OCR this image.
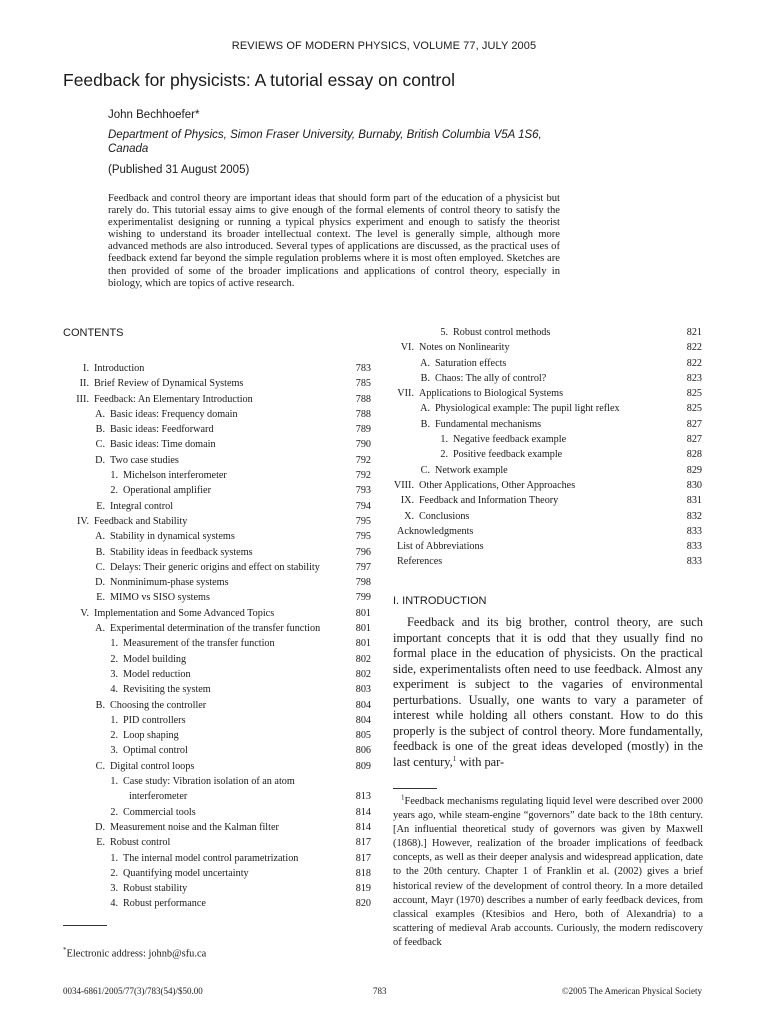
REVIEWS OF MODERN PHYSICS, VOLUME 77, JULY 2005
Feedback for physicists: A tutorial essay on control
John Bechhoefer*
Department of Physics, Simon Fraser University, Burnaby, British Columbia V5A 1S6, Canada
(Published 31 August 2005)

Feedback and control theory are important ideas that should form part of the education of a physicist but rarely do. This tutorial essay aims to give enough of the formal elements of control theory to satisfy the experimentalist designing or running a typical physics experiment and enough to satisfy the theorist wishing to understand its broader intellectual context. The level is generally simple, although more advanced methods are also introduced. Several types of applications are discussed, as the practical uses of feedback extend far beyond the simple regulation problems where it is most often employed. Sketches are then provided of some of the broader implications and applications of control theory, especially in biology, which are topics of active research.

CONTENTS
I. Introduction	783
II. Brief Review of Dynamical Systems	785
III. Feedback: An Elementary Introduction	788
A. Basic ideas: Frequency domain	788
B. Basic ideas: Feedforward	789
C. Basic ideas: Time domain	790
D. Two case studies	792
1. Michelson interferometer	792
2. Operational amplifier	793
E. Integral control	794
IV. Feedback and Stability	795
A. Stability in dynamical systems	795
B. Stability ideas in feedback systems	796
C. Delays: Their generic origins and effect on stability	797
D. Nonminimum-phase systems	798
E. MIMO vs SISO systems	799
V. Implementation and Some Advanced Topics	801
A. Experimental determination of the transfer function	801
1. Measurement of the transfer function	801
2. Model building	802
3. Model reduction	802
4. Revisiting the system	803
B. Choosing the controller	804
1. PID controllers	804
2. Loop shaping	805
3. Optimal control	806
C. Digital control loops	809
1. Case study: Vibration isolation of an atom
interferometer	813
2. Commercial tools	814
D. Measurement noise and the Kalman filter	814
E. Robust control	817
1. The internal model control parametrization	817
2. Quantifying model uncertainty	818
3. Robust stability	819
4. Robust performance	820
5. Robust control methods	821
VI. Notes on Nonlinearity	822
A. Saturation effects	822
B. Chaos: The ally of control?	823
VII. Applications to Biological Systems	825
A. Physiological example: The pupil light reflex	825
B. Fundamental mechanisms	827
1. Negative feedback example	827
2. Positive feedback example	828
C. Network example	829
VIII. Other Applications, Other Approaches	830
IX. Feedback and Information Theory	831
X. Conclusions	832
Acknowledgments	833
List of Abbreviations	833
References	833
*Electronic address: johnb@sfu.ca
I. INTRODUCTION

Feedback and its big brother, control theory, are such important concepts that it is odd that they usually find no formal place in the education of physicists. On the practical side, experimentalists often need to use feedback. Almost any experiment is subject to the vagaries of environmental perturbations. Usually, one wants to vary a parameter of interest while holding all others constant. How to do this properly is the subject of control theory. More fundamentally, feedback is one of the great ideas developed (mostly) in the last century,$^1$ with par-

$^1$Feedback mechanisms regulating liquid level were described over 2000 years ago, while steam-engine “governors” date back to the 18th century. [An influential theoretical study of governors was given by Maxwell (1868).] However, realization of the broader implications of feedback concepts, as well as their deeper analysis and widespread application, date to the 20th century. Chapter 1 of Franklin et al. (2002) gives a brief historical review of the development of control theory. In a more detailed account, Mayr (1970) describes a number of early feedback devices, from classical examples (Ktesibios and Hero, both of Alexandria) to a scattering of medieval Arab accounts. Curiously, the modern rediscovery of feedback

0034-6861/2005/77(3)/783(54)/$50.00	783	©2005 The American Physical Society
